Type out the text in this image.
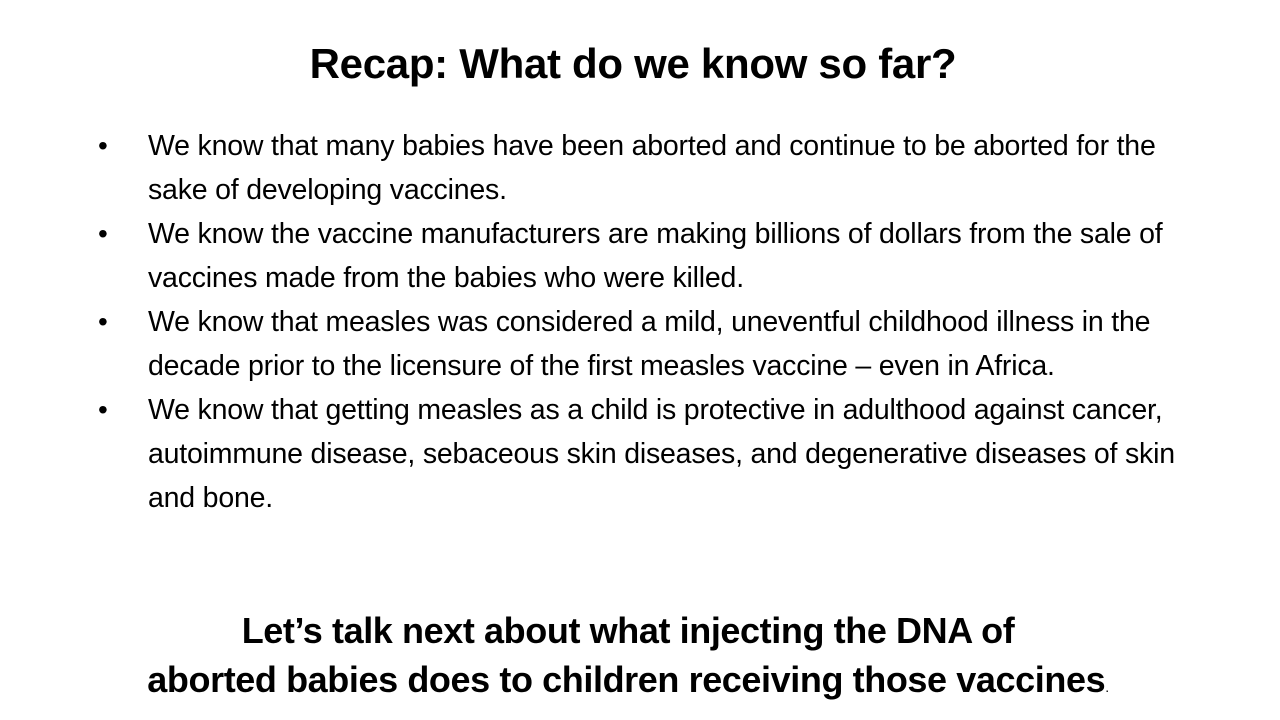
Recap: What do we know so far?
• We know that many babies have been aborted and continue to be aborted for the sake of developing vaccines.
• We know the vaccine manufacturers are making billions of dollars from the sale of vaccines made from the babies who were killed.
• We know that measles was considered a mild, uneventful childhood illness in the decade prior to the licensure of the first measles vaccine – even in Africa.
• We know that getting measles as a child is protective in adulthood against cancer, autoimmune disease, sebaceous skin diseases, and degenerative diseases of skin and bone.
Let’s talk next about what injecting the DNA of
aborted babies does to children receiving those vaccines.
